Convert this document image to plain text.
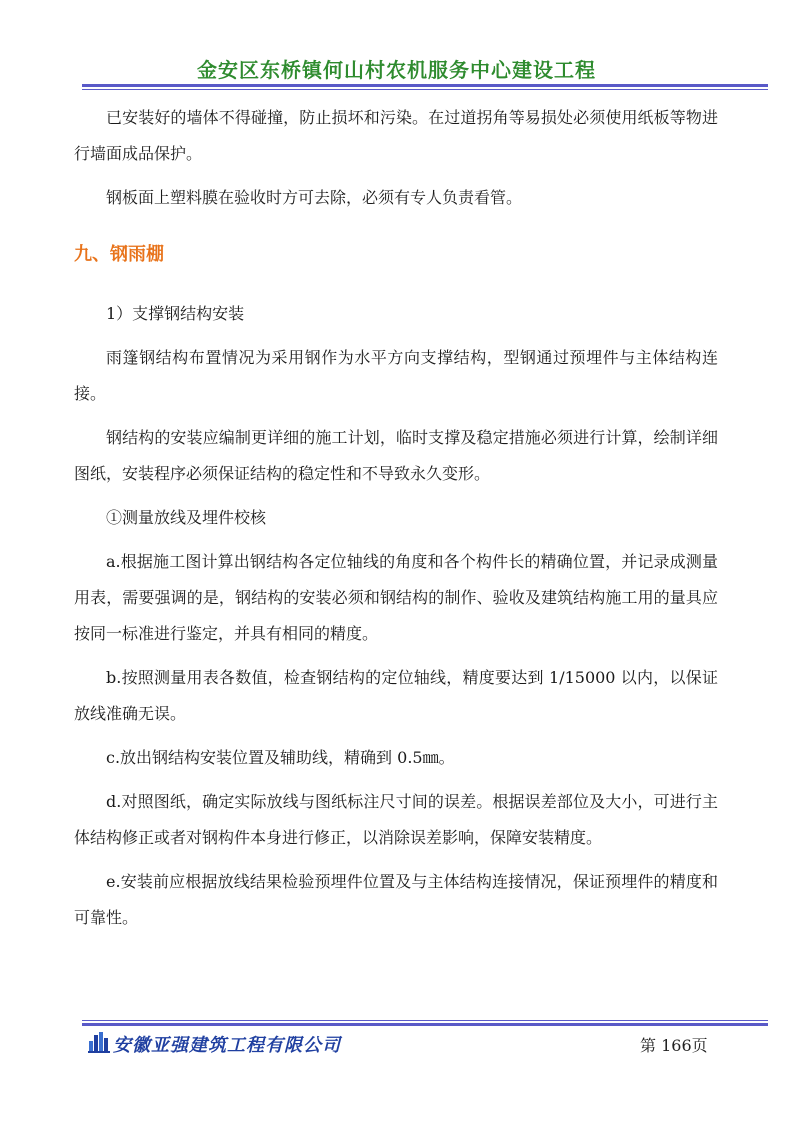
金安区东桥镇何山村农机服务中心建设工程

已安装好的墙体不得碰撞，防止损坏和污染。在过道拐角等易损处必须使用纸板等物进行墙面成品保护。

钢板面上塑料膜在验收时方可去除，必须有专人负责看管。

九、钢雨棚

1）支撑钢结构安装

雨篷钢结构布置情况为采用钢作为水平方向支撑结构，型钢通过预埋件与主体结构连接。

钢结构的安装应编制更详细的施工计划，临时支撑及稳定措施必须进行计算，绘制详细图纸，安装程序必须保证结构的稳定性和不导致永久变形。

①测量放线及埋件校核

a.根据施工图计算出钢结构各定位轴线的角度和各个构件长的精确位置，并记录成测量用表，需要强调的是，钢结构的安装必须和钢结构的制作、验收及建筑结构施工用的量具应按同一标准进行鉴定，并具有相同的精度。

b.按照测量用表各数值，检查钢结构的定位轴线，精度要达到 1/15000 以内，以保证放线准确无误。

c.放出钢结构安装位置及辅助线，精确到 0.5㎜。

d.对照图纸，确定实际放线与图纸标注尺寸间的误差。根据误差部位及大小，可进行主体结构修正或者对钢构件本身进行修正，以消除误差影响，保障安装精度。

e.安装前应根据放线结果检验预埋件位置及与主体结构连接情况，保证预埋件的精度和可靠性。

安徽亚强建筑工程有限公司	第 166页
